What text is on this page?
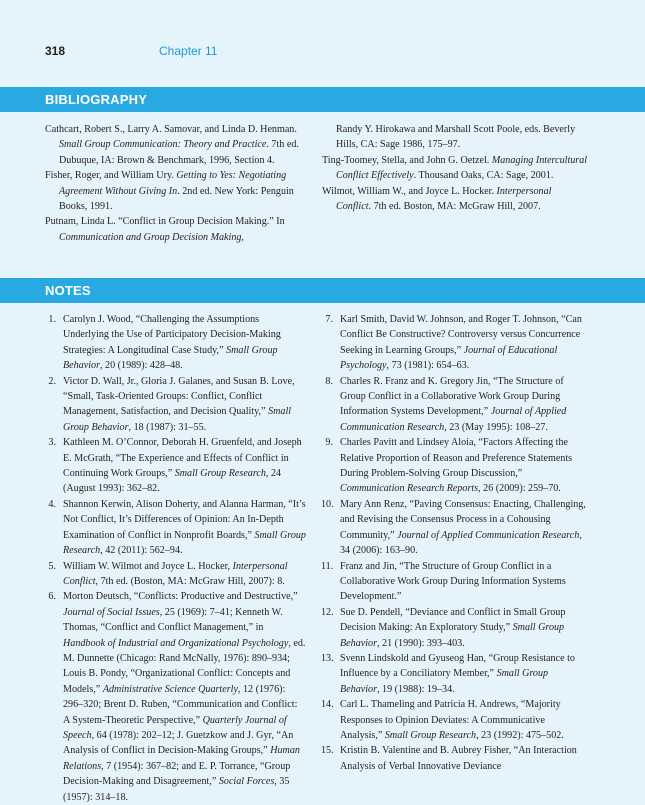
318	Chapter 11
BIBLIOGRAPHY

Cathcart, Robert S., Larry A. Samovar, and Linda D. Henman. Small Group Communication: Theory and Practice. 7th ed. Dubuque, IA: Brown & Benchmark, 1996, Section 4.

Fisher, Roger, and William Ury. Getting to Yes: Negotiating Agreement Without Giving In. 2nd ed. New York: Penguin Books, 1991.

Putnam, Linda L. “Conflict in Group Decision Making.” In Communication and Group Decision Making,

Randy Y. Hirokawa and Marshall Scott Poole, eds. Beverly Hills, CA: Sage 1986, 175–97.

Ting-Toomey, Stella, and John G. Oetzel. Managing Intercultural Conflict Effectively. Thousand Oaks, CA: Sage, 2001.

Wilmot, William W., and Joyce L. Hocker. Interpersonal Conflict. 7th ed. Boston, MA: McGraw Hill, 2007.

NOTES
1. Carolyn J. Wood, “Challenging the Assumptions Underlying the Use of Participatory Decision-Making Strategies: A Longitudinal Case Study,” Small Group Behavior, 20 (1989): 428–48.
2. Victor D. Wall, Jr., Gloria J. Galanes, and Susan B. Love, “Small, Task-Oriented Groups: Conflict, Conflict Management, Satisfaction, and Decision Quality,” Small Group Behavior, 18 (1987): 31–55.
3. Kathleen M. O’Connor, Deborah H. Gruenfeld, and Joseph E. McGrath, “The Experience and Effects of Conflict in Continuing Work Groups,” Small Group Research, 24 (August 1993): 362–82.
4. Shannon Kerwin, Alison Doherty, and Alanna Harman, “It’s Not Conflict, It’s Differences of Opinion: An In-Depth Examination of Conflict in Nonprofit Boards,” Small Group Research, 42 (2011): 562–94.
5. William W. Wilmot and Joyce L. Hocker, Interpersonal Conflict, 7th ed. (Boston, MA: McGraw Hill, 2007): 8.
6. Morton Deutsch, “Conflicts: Productive and Destructive,” Journal of Social Issues, 25 (1969): 7–41; Kenneth W. Thomas, “Conflict and Conflict Management,” in Handbook of Industrial and Organizational Psychology, ed. M. Dunnette (Chicago: Rand McNally, 1976): 890–934; Louis B. Pondy, “Organizational Conflict: Concepts and Models,” Administrative Science Quarterly, 12 (1976): 296–320; Brent D. Ruben, “Communication and Conflict: A System-Theoretic Perspective,” Quarterly Journal of Speech, 64 (1978): 202–12; J. Guetzkow and J. Gyr, “An Analysis of Conflict in Decision-Making Groups,” Human Relations, 7 (1954): 367–82; and E. P. Torrance, “Group Decision-Making and Disagreement,” Social Forces, 35 (1957): 314–18.
7. Karl Smith, David W. Johnson, and Roger T. Johnson, “Can Conflict Be Constructive? Controversy versus Concurrence Seeking in Learning Groups,” Journal of Educational Psychology, 73 (1981): 654–63.
8. Charles R. Franz and K. Gregory Jin, “The Structure of Group Conflict in a Collaborative Work Group During Information Systems Development,” Journal of Applied Communication Research, 23 (May 1995): 108–27.
9. Charles Pavitt and Lindsey Aloia, “Factors Affecting the Relative Proportion of Reason and Preference Statements During Problem-Solving Group Discussion,” Communication Research Reports, 26 (2009): 259–70.
10. Mary Ann Renz, “Paving Consensus: Enacting, Challenging, and Revising the Consensus Process in a Cohousing Community,” Journal of Applied Communication Research, 34 (2006): 163–90.
11. Franz and Jin, “The Structure of Group Conflict in a Collaborative Work Group During Information Systems Development.”
12. Sue D. Pendell, “Deviance and Conflict in Small Group Decision Making: An Exploratory Study,” Small Group Behavior, 21 (1990): 393–403.
13. Svenn Lindskold and Gyuseog Han, “Group Resistance to Influence by a Conciliatory Member,” Small Group Behavior, 19 (1988): 19–34.
14. Carl L. Thameling and Patricia H. Andrews, “Majority Responses to Opinion Deviates: A Communicative Analysis,” Small Group Research, 23 (1992): 475–502.
15. Kristin B. Valentine and B. Aubrey Fisher, “An Interaction Analysis of Verbal Innovative Deviance
